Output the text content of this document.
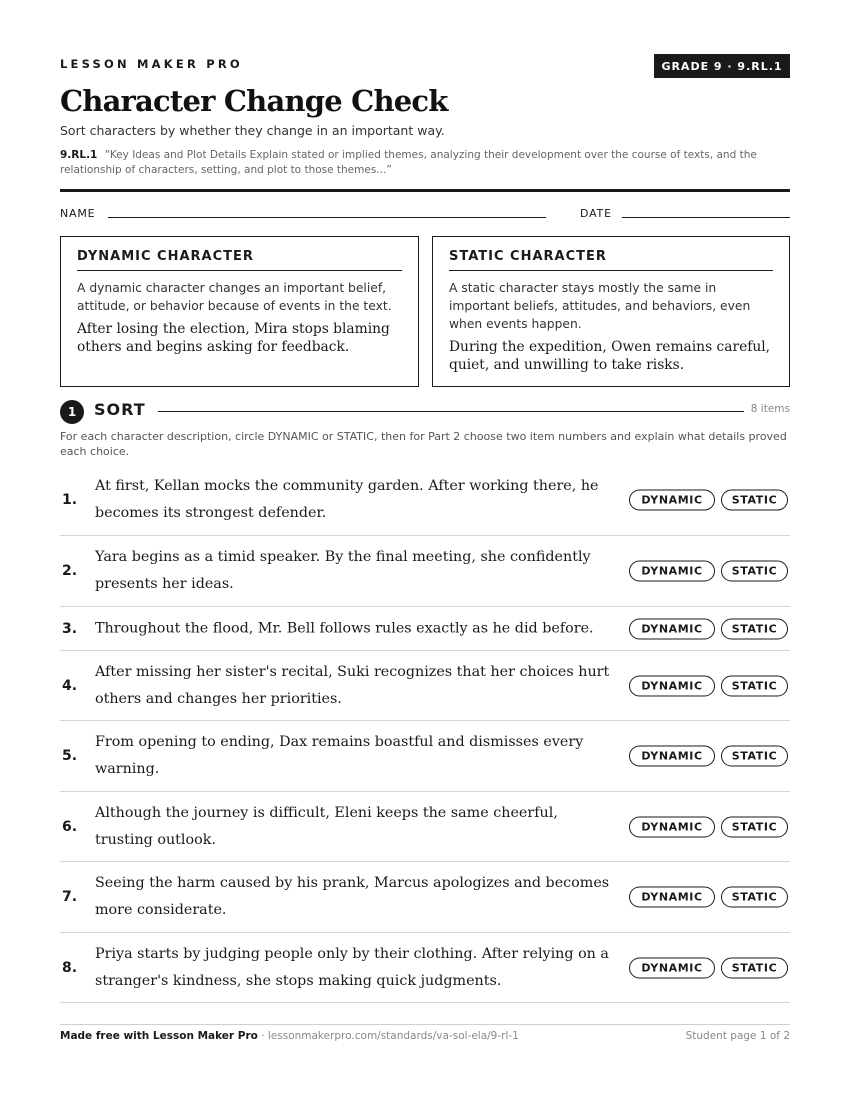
LESSON MAKER PRO	GRADE 9 · 9.RL.1
Character Change Check
Sort characters by whether they change in an important way.
9.RL.1 “Key Ideas and Plot Details Explain stated or implied themes, analyzing their development over the course of texts, and the relationship of characters, setting, and plot to those themes...”
NAME	DATE
DYNAMIC CHARACTER
A dynamic character changes an important belief, attitude, or behavior because of events in the text.
After losing the election, Mira stops blaming others and begins asking for feedback.
STATIC CHARACTER
A static character stays mostly the same in important beliefs, attitudes, and behaviors, even when events happen.
During the expedition, Owen remains careful, quiet, and unwilling to take risks.
1	SORT	8 items
For each character description, circle DYNAMIC or STATIC, then for Part 2 choose two item numbers and explain what details proved each choice.
1.
At first, Kellan mocks the community garden. After working there, he becomes its strongest defender.
DYNAMIC	STATIC
2.
Yara begins as a timid speaker. By the final meeting, she confidently presents her ideas.
DYNAMIC	STATIC
3. Throughout the flood, Mr. Bell follows rules exactly as he did before.	DYNAMIC	STATIC
4.
After missing her sister's recital, Suki recognizes that her choices hurt others and changes her priorities.
DYNAMIC	STATIC
5.
From opening to ending, Dax remains boastful and dismisses every warning.
DYNAMIC	STATIC
6.
Although the journey is difficult, Eleni keeps the same cheerful, trusting outlook.
DYNAMIC	STATIC
7.
Seeing the harm caused by his prank, Marcus apologizes and becomes more considerate.
DYNAMIC	STATIC
8.
Priya starts by judging people only by their clothing. After relying on a stranger's kindness, she stops making quick judgments.
DYNAMIC	STATIC
Made free with Lesson Maker Pro · lessonmakerpro.com/standards/va-sol-ela/9-rl-1	Student page 1 of 2
